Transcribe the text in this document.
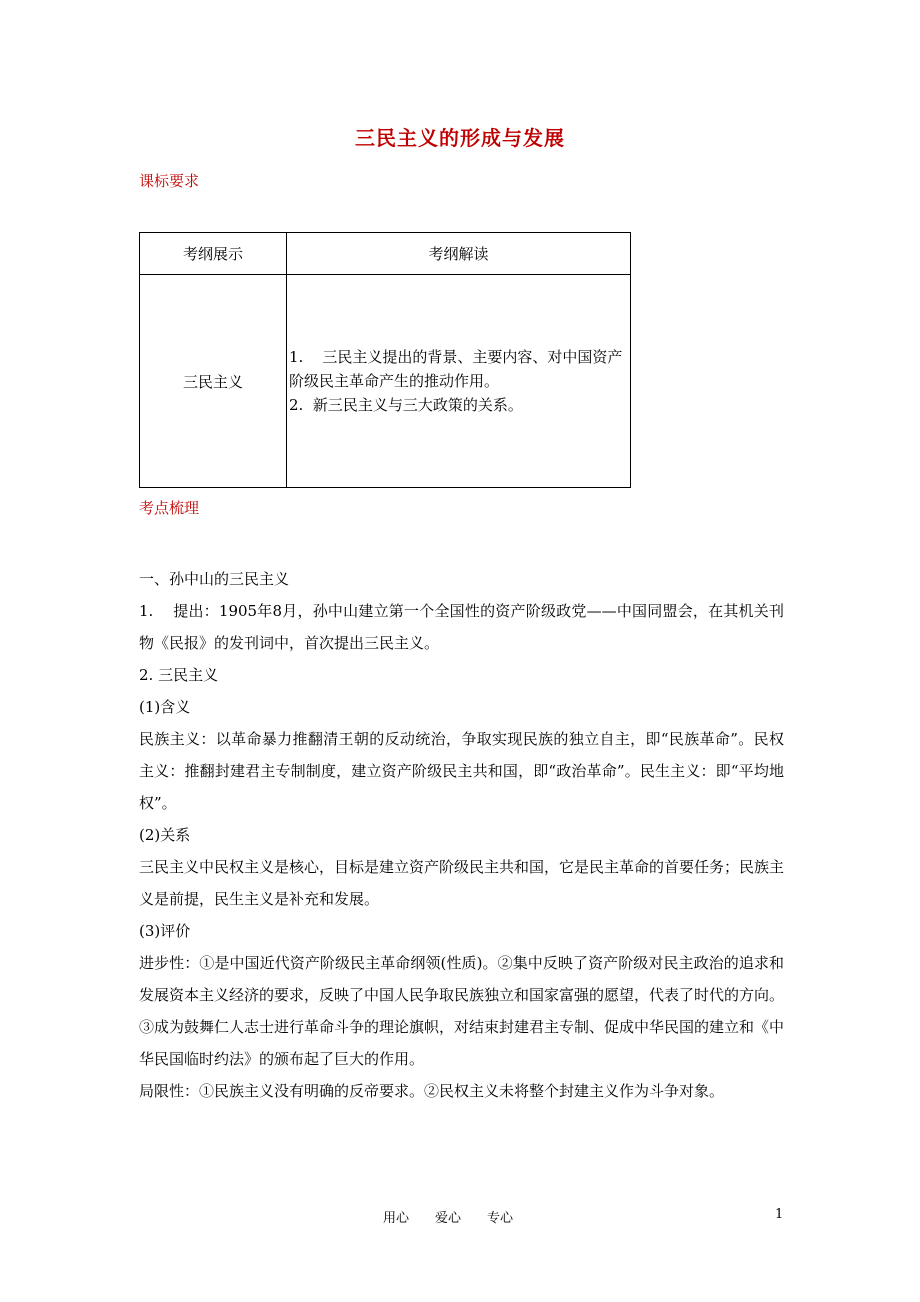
三民主义的形成与发展
课标要求
考纲展示	考纲解读
三民主义	1.    三民主义提出的背景、主要内容、对中国资产阶级民主革命产生的推动作用。
2.  新三民主义与三大政策的关系。
考点梳理

一、孙中山的三民主义

1.    提出：1905年8月，孙中山建立第一个全国性的资产阶级政党——中国同盟会，在其机关刊物《民报》的发刊词中，首次提出三民主义。

2. 三民主义

(1)含义

民族主义：以革命暴力推翻清王朝的反动统治，争取实现民族的独立自主，即“民族革命”。民权主义：推翻封建君主专制制度，建立资产阶级民主共和国，即“政治革命”。民生主义：即“平均地权”。

(2)关系

三民主义中民权主义是核心，目标是建立资产阶级民主共和国，它是民主革命的首要任务；民族主义是前提，民生主义是补充和发展。

(3)评价

进步性：①是中国近代资产阶级民主革命纲领(性质)。②集中反映了资产阶级对民主政治的追求和发展资本主义经济的要求，反映了中国人民争取民族独立和国家富强的愿望，代表了时代的方向。③成为鼓舞仁人志士进行革命斗争的理论旗帜，对结束封建君主专制、促成中华民国的建立和《中华民国临时约法》的颁布起了巨大的作用。

局限性：①民族主义没有明确的反帝要求。②民权主义未将整个封建主义作为斗争对象。

用心 爱心 专心	1
